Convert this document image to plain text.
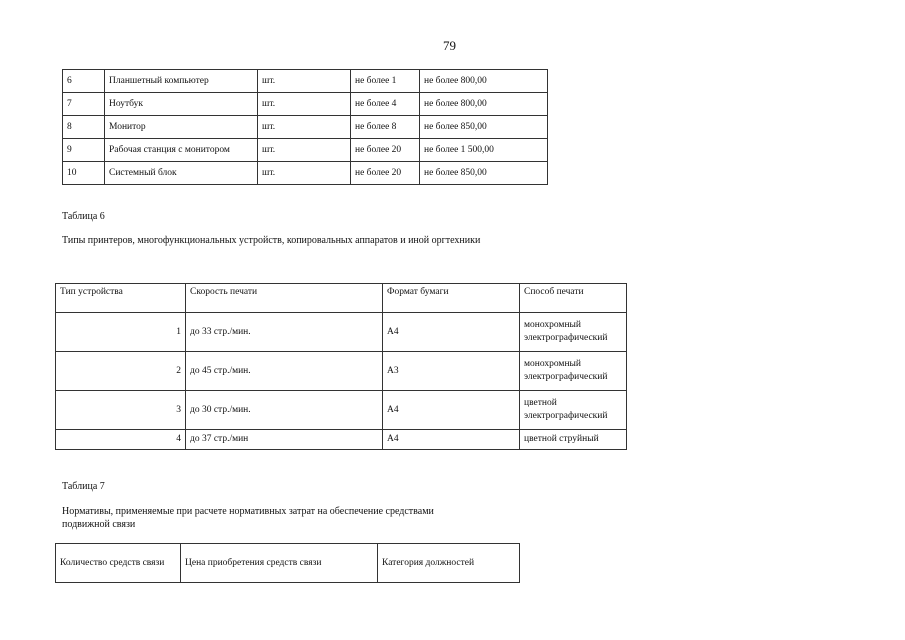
79
6	Планшетный компьютер	шт.	не более 1	не более 800,00
7	Ноутбук	шт.	не более 4	не более 800,00
8	Монитор	шт.	не более 8	не более 850,00
9	Рабочая станция с монитором	шт.	не более 20	не более 1 500,00
10	Системный блок	шт.	не более 20	не более 850,00
Таблица 6
Типы принтеров, многофункциональных устройств, копировальных аппаратов и иной оргтехники
Тип устройства	Скорость печати	Формат бумаги	Способ печати
1	до 33 стр./мин.	А4	монохромный электрографический
2	до 45 стр./мин.	А3	монохромный электрографический
3	до 30 стр./мин.	А4	цветной электрографический
4	до 37 стр./мин	А4	цветной струйный
Таблица 7
Нормативы, применяемые при расчете нормативных затрат на обеспечение средствами подвижной связи
Количество средств связи	Цена приобретения средств связи	Категория должностей
